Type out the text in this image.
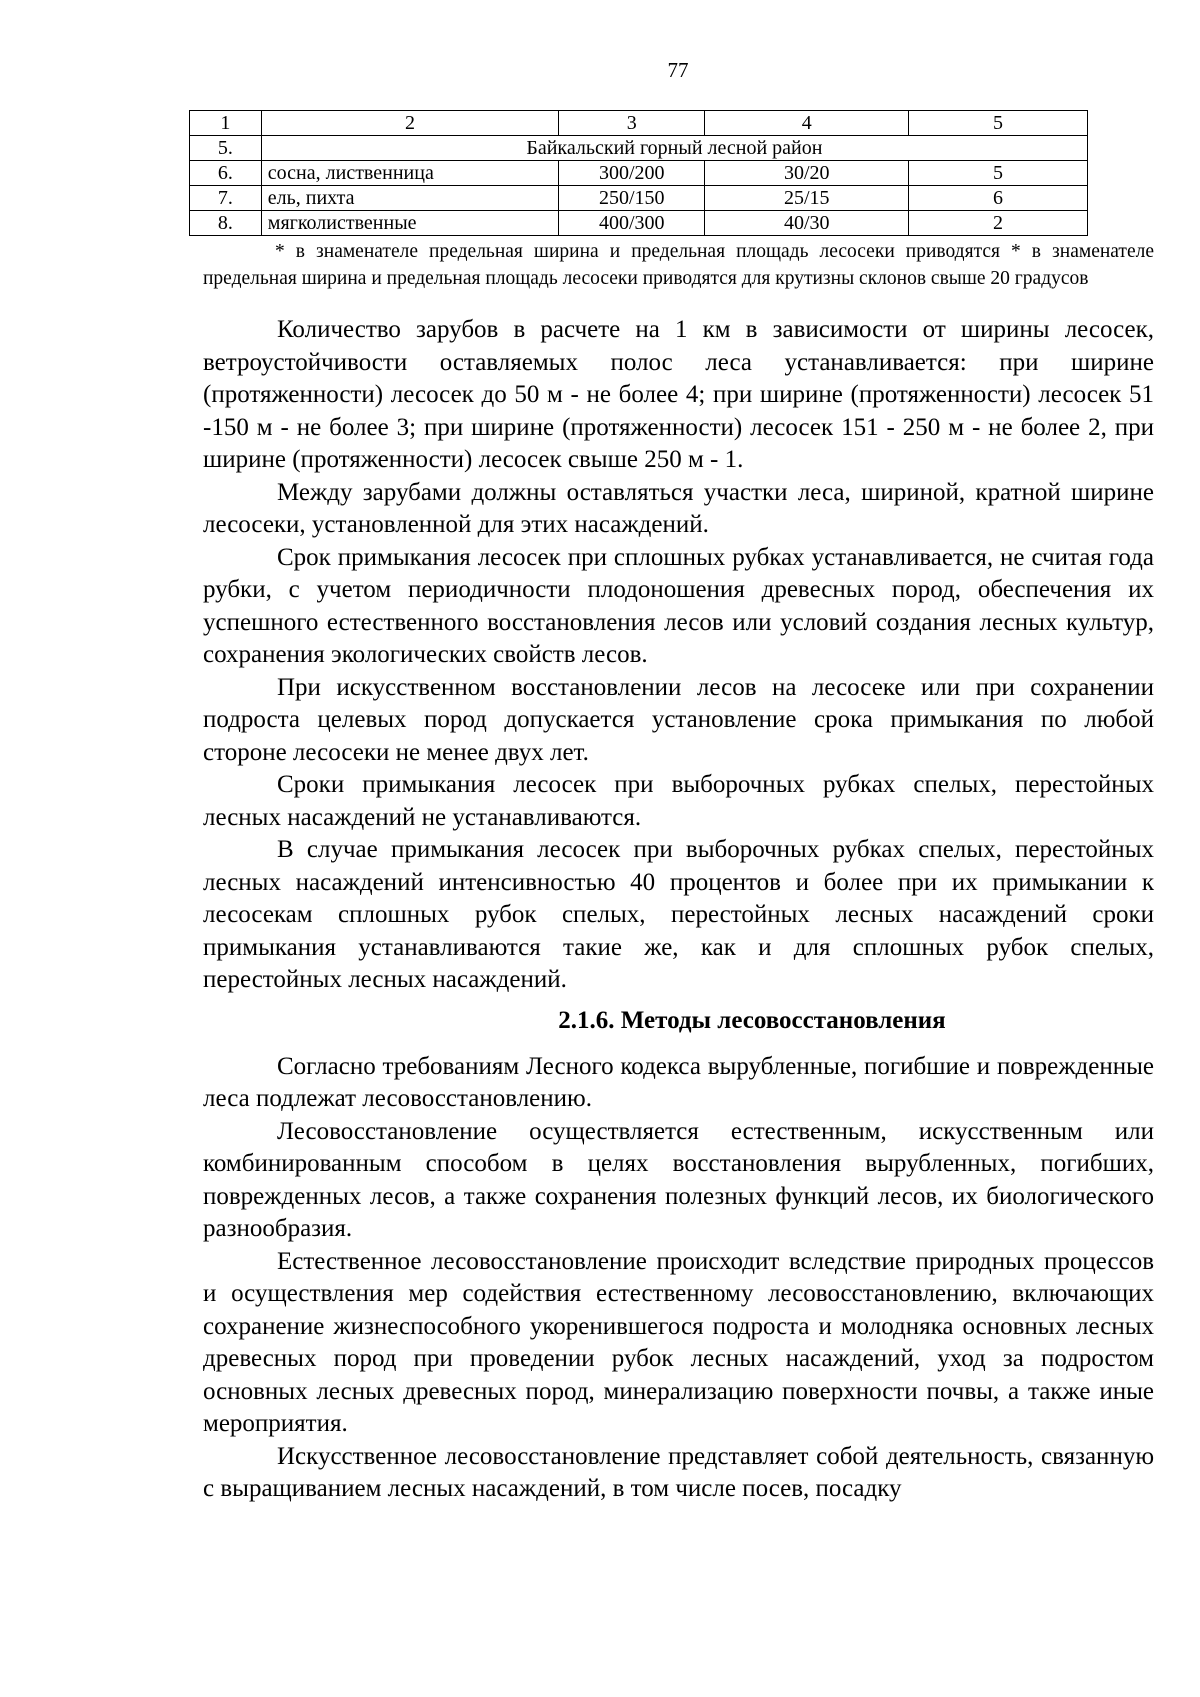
77
1	2	3	4	5
5.	Байкальский горный лесной район			
6.	сосна, лиственница	300/200	30/20	5
7.	ель, пихта	250/150	25/15	6
8.	мягколиственные	400/300	40/30	2
* в знаменателе предельная ширина и предельная площадь лесосеки приводятся * в знаменателе предельная ширина и предельная площадь лесосеки приводятся для крутизны склонов свыше 20 градусов

Количество зарубов в расчете на 1 км в зависимости от ширины лесосек, ветроустойчивости оставляемых полос леса устанавливается: при ширине (протяженности) лесосек до 50 м - не более 4; при ширине (протяженности) лесосек 51 -150 м - не более 3; при ширине (протяженности) лесосек 151 - 250 м - не более 2, при ширине (протяженности) лесосек свыше 250 м - 1.

Между зарубами должны оставляться участки леса, шириной, кратной ширине лесосеки, установленной для этих насаждений.

Срок примыкания лесосек при сплошных рубках устанавливается, не считая года рубки, с учетом периодичности плодоношения древесных пород, обеспечения их успешного естественного восстановления лесов или условий создания лесных культур, сохранения экологических свойств лесов.

При искусственном восстановлении лесов на лесосеке или при сохранении подроста целевых пород допускается установление срока примыкания по любой стороне лесосеки не менее двух лет.

Сроки примыкания лесосек при выборочных рубках спелых, перестойных лесных насаждений не устанавливаются.

В случае примыкания лесосек при выборочных рубках спелых, перестойных лесных насаждений интенсивностью 40 процентов и более при их примыкании к лесосекам сплошных рубок спелых, перестойных лесных насаждений сроки примыкания устанавливаются такие же, как и для сплошных рубок спелых, перестойных лесных насаждений.

2.1.6. Методы лесовосстановления

Согласно требованиям Лесного кодекса вырубленные, погибшие и поврежденные леса подлежат лесовосстановлению.

Лесовосстановление осуществляется естественным, искусственным или комбинированным способом в целях восстановления вырубленных, погибших, поврежденных лесов, а также сохранения полезных функций лесов, их биологического разнообразия.

Естественное лесовосстановление происходит вследствие природных процессов и осуществления мер содействия естественному лесовосстановлению, включающих сохранение жизнеспособного укоренившегося подроста и молодняка основных лесных древесных пород при проведении рубок лесных насаждений, уход за подростом основных лесных древесных пород, минерализацию поверхности почвы, а также иные мероприятия.

Искусственное лесовосстановление представляет собой деятельность, связанную с выращиванием лесных насаждений, в том числе посев, посадку
